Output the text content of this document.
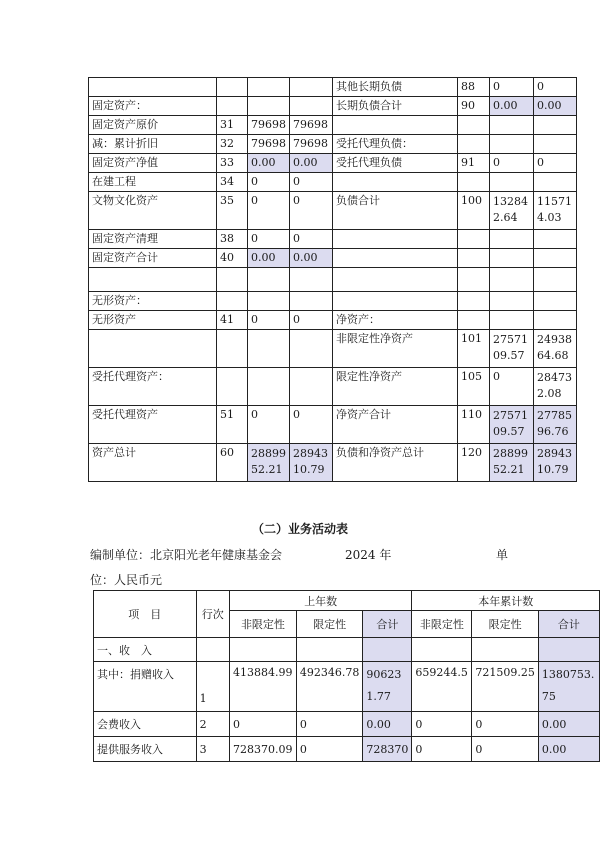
				其他长期负债	88	0	0
固定资产：				长期负债合计	90	0.00	0.00
固定资产原价	31	79698	79698				
减：累计折旧	32	79698	79698	受托代理负债：			
固定资产净值	33	0.00	0.00	受托代理负债	91	0	0
在建工程	34	0	0				
文物文化资产	35	0	0	负债合计	100	132842.64	115714.03
固定资产清理	38	0	0				
固定资产合计	40	0.00	0.00				

无形资产：							
无形资产	41	0	0	净资产：			
				非限定性净资产	101	2757109.57	2493864.68
受托代理资产：				限定性净资产	105	0	284732.08
受托代理资产	51	0	0	净资产合计	110	2757109.57	2778596.76
资产总计	60	2889952.21	2894310.79	负债和净资产总计	120	2889952.21	2894310.79
（二）业务活动表
编制单位：北京阳光老年健康基金会	2024 年	单
位：人民币元
项　目	行次	上年数			本年累计数		
		非限定性	限定性	合计	非限定性	限定性	合计
一、收　入							
其中：捐赠收入	1	413884.99	492346.78	906231.77	659244.5	721509.25	1380753.75
会费收入	2	0	0	0.00	0	0	0.00
提供服务收入	3	728370.09	0	728370	0	0	0.00
